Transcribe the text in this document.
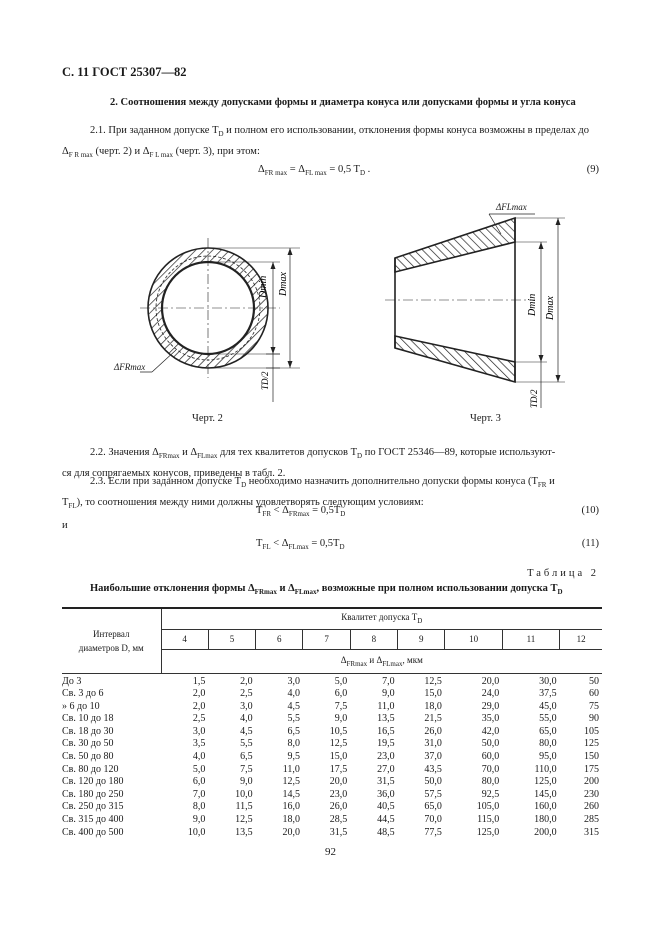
С. 11 ГОСТ 25307—82
2. Соотношения между допусками формы и диаметра конуса или допусками формы и угла конуса
2.1. При заданном допуске $T_D$ и полном его использовании, отклонения формы конуса возможны в пределах до $\Delta_{F R max}$ (черт. 2) и $\Delta_{F L max}$ (черт. 3), при этом:
$\Delta_{FR max} = \Delta_{FL max} = 0,5$ $T_D$ .	(9)
Dmin Dmax
TD/2
ΔFRmax
Черт. 2
Dmin Dmax
TD/2
ΔFLmax
Черт. 3
2.2. Значения $\Delta_{FRmax}$ и $\Delta_{FLmax}$ для тех квалитетов допусков $T_D$ по ГОСТ 25346—89, которые используют-
ся для сопрягаемых конусов, приведены в табл. 2.
2.3. Если при заданном допуске $T_D$ необходимо назначить дополнительно допуски формы конуса ($T_{FR}$ и
$T_{FL}$), то соотношения между ними должны удовлетворять следующим условиям:
$T_{FR} < \Delta_{FRmax} = 0,5T_D$	(10)
и
$T_{FL} < \Delta_{FLmax} = 0,5T_D$	(11)
Таблица 2
Наибольшие отклонения формы $\Delta_{FRmax}$ и $\Delta_{FLmax}$, возможные при полном использовании допуска $T_D$
Интервал
диаметров D, мм	Квалитет допуска $T_D$
	4	5	6	7	8	9	10	11	12
	$\Delta_{FRmax}$ и $\Delta_{FLmax}$, мкм								
До 3	1,5	2,0	3,0	5,0	7,0	12,5	20,0	30,0	50
Св. 3 до 6	2,0	2,5	4,0	6,0	9,0	15,0	24,0	37,5	60
» 6 до 10	2,0	3,0	4,5	7,5	11,0	18,0	29,0	45,0	75
Св. 10 до 18	2,5	4,0	5,5	9,0	13,5	21,5	35,0	55,0	90
Св. 18 до 30	3,0	4,5	6,5	10,5	16,5	26,0	42,0	65,0	105
Св. 30 до 50	3,5	5,5	8,0	12,5	19,5	31,0	50,0	80,0	125
Св. 50 до 80	4,0	6,5	9,5	15,0	23,0	37,0	60,0	95,0	150
Св. 80 до 120	5,0	7,5	11,0	17,5	27,0	43,5	70,0	110,0	175
Св. 120 до 180	6,0	9,0	12,5	20,0	31,5	50,0	80,0	125,0	200
Св. 180 до 250	7,0	10,0	14,5	23,0	36,0	57,5	92,5	145,0	230
Св. 250 до 315	8,0	11,5	16,0	26,0	40,5	65,0	105,0	160,0	260
Св. 315 до 400	9,0	12,5	18,0	28,5	44,5	70,0	115,0	180,0	285
Св. 400 до 500	10,0	13,5	20,0	31,5	48,5	77,5	125,0	200,0	315
92
